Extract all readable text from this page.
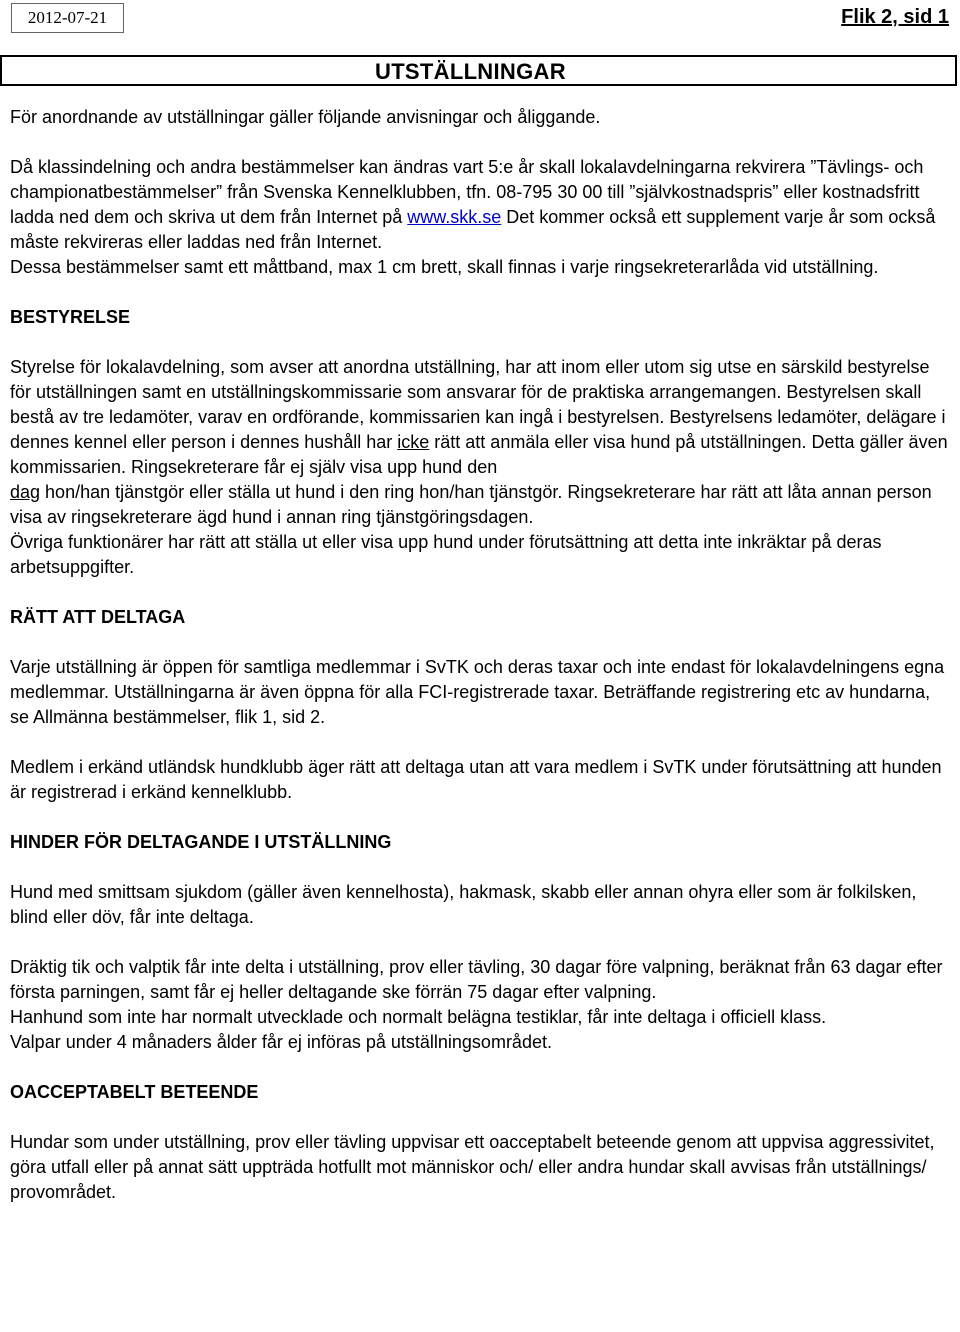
2012-07-21	Flik 2, sid 1
UTSTÄLLNINGAR

För anordnande av utställningar gäller följande anvisningar och åliggande.

Då klassindelning och andra bestämmelser kan ändras vart 5:e år skall lokalavdelningarna rekvirera ”Tävlings- och championatbestämmelser” från Svenska Kennelklubben, tfn. 08-795 30 00 till ”självkostnadspris” eller kostnadsfritt ladda ned dem och skriva ut dem från Internet på www.skk.se Det kommer också ett supplement varje år som också måste rekvireras eller laddas ned från Internet.

Dessa bestämmelser samt ett måttband, max 1 cm brett, skall finnas i varje ringsekreterarlåda vid utställning.

BESTYRELSE

Styrelse för lokalavdelning, som avser att anordna utställning, har att inom eller utom sig utse en särskild bestyrelse för utställningen samt en utställningskommissarie som ansvarar för de praktiska arrangemangen. Bestyrelsen skall bestå av tre ledamöter, varav en ordförande, kommissarien kan ingå i bestyrelsen. Bestyrelsens ledamöter, delägare i dennes kennel eller person i dennes hushåll har icke rätt att anmäla eller visa hund på utställningen. Detta gäller även kommissarien. Ringsekreterare får ej själv visa upp hund den
dag hon/han tjänstgör eller ställa ut hund i den ring hon/han tjänstgör. Ringsekreterare har rätt att låta annan person visa av ringsekreterare ägd hund i annan ring tjänstgöringsdagen.

Övriga funktionärer har rätt att ställa ut eller visa upp hund under förutsättning att detta inte inkräktar på deras arbetsuppgifter.

RÄTT ATT DELTAGA

Varje utställning är öppen för samtliga medlemmar i SvTK och deras taxar och inte endast för lokalavdelningens egna medlemmar. Utställningarna är även öppna för alla FCI-registrerade taxar. Beträffande registrering etc av hundarna, se Allmänna bestämmelser, flik 1, sid 2.

Medlem i erkänd utländsk hundklubb äger rätt att deltaga utan att vara medlem i SvTK under förutsättning att hunden är registrerad i erkänd kennelklubb.

HINDER FÖR DELTAGANDE I UTSTÄLLNING

Hund med smittsam sjukdom (gäller även kennelhosta), hakmask, skabb eller annan ohyra eller som är folkilsken, blind eller döv, får inte deltaga.

Dräktig tik och valptik får inte delta i utställning, prov eller tävling, 30 dagar före valpning, beräknat från 63 dagar efter första parningen, samt får ej heller deltagande ske förrän 75 dagar efter valpning.

Hanhund som inte har normalt utvecklade och normalt belägna testiklar, får inte deltaga i officiell klass.

Valpar under 4 månaders ålder får ej införas på utställningsområdet.

OACCEPTABELT BETEENDE

Hundar som under utställning, prov eller tävling uppvisar ett oacceptabelt beteende genom att uppvisa aggressivitet, göra utfall eller på annat sätt uppträda hotfullt mot människor och/ eller andra hundar skall avvisas från utställnings/ provområdet.
